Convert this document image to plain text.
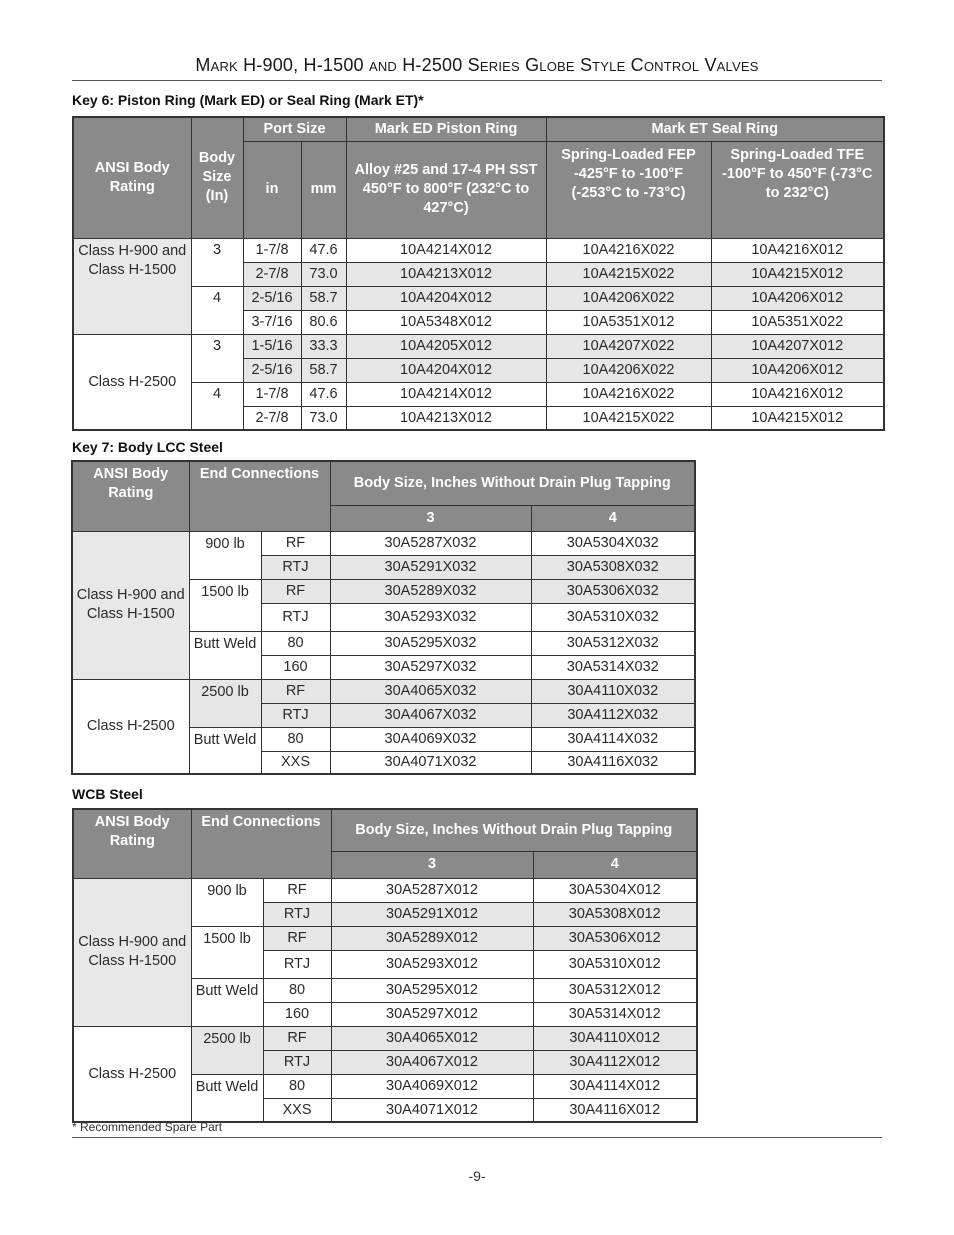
Mark H-900, H-1500 and H-2500 Series Globe Style Control Valves
Key 6: Piston Ring (Mark ED) or Seal Ring (Mark ET)*
ANSI Body Rating	Body Size (In)	Port Size		Mark ED Piston Ring	Mark ET Seal Ring	
		in	mm	Alloy #25 and 17-4 PH SST 450°F to 800°F (232°C to 427°C)	Spring-Loaded FEP -425°F to -100°F (-253°C to -73°C)	Spring-Loaded TFE -100°F to 450°F (-73°C to 232°C)
Class H-900 and Class H-1500	3	1-7/8	47.6	10A4214X012	10A4216X022	10A4216X012
		2-7/8	73.0	10A4213X012	10A4215X022	10A4215X012
	4	2-5/16	58.7	10A4204X012	10A4206X022	10A4206X012
		3-7/16	80.6	10A5348X012	10A5351X012	10A5351X022
Class H-2500	3	1-5/16	33.3	10A4205X012	10A4207X022	10A4207X012
		2-5/16	58.7	10A4204X012	10A4206X022	10A4206X012
	4	1-7/8	47.6	10A4214X012	10A4216X022	10A4216X012
		2-7/8	73.0	10A4213X012	10A4215X022	10A4215X012
Key 7: Body LCC Steel
ANSI Body Rating	End Connections		Body Size, Inches Without Drain Plug Tapping	
			3	4
Class H-900 and Class H-1500	900 lb	RF	30A5287X032	30A5304X032
		RTJ	30A5291X032	30A5308X032
	1500 lb	RF	30A5289X032	30A5306X032
		RTJ	30A5293X032	30A5310X032
	Butt Weld	80	30A5295X032	30A5312X032
		160	30A5297X032	30A5314X032
Class H-2500	2500 lb	RF	30A4065X032	30A4110X032
		RTJ	30A4067X032	30A4112X032
	Butt Weld	80	30A4069X032	30A4114X032
		XXS	30A4071X032	30A4116X032
WCB Steel
ANSI Body Rating	End Connections		Body Size, Inches Without Drain Plug Tapping	
			3	4
Class H-900 and Class H-1500	900 lb	RF	30A5287X012	30A5304X012
		RTJ	30A5291X012	30A5308X012
	1500 lb	RF	30A5289X012	30A5306X012
		RTJ	30A5293X012	30A5310X012
	Butt Weld	80	30A5295X012	30A5312X012
		160	30A5297X012	30A5314X012
Class H-2500	2500 lb	RF	30A4065X012	30A4110X012
		RTJ	30A4067X012	30A4112X012
	Butt Weld	80	30A4069X012	30A4114X012
		XXS	30A4071X012	30A4116X012
* Recommended Spare Part
-9-
